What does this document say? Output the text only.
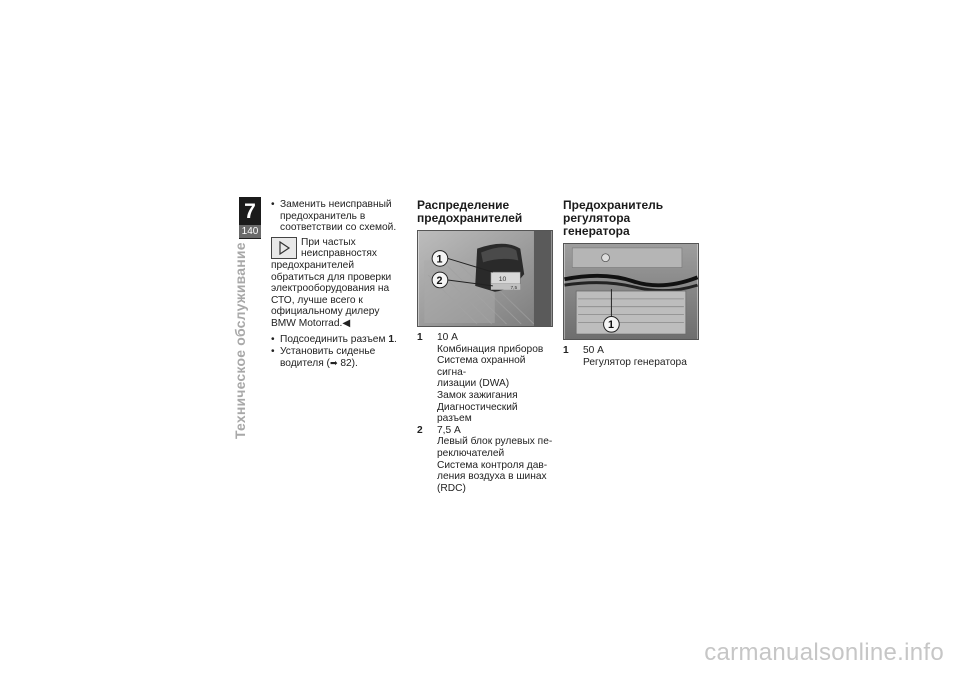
7
140
Техническое обслуживание
• Заменить неисправный предохранитель в соответствии со схемой.
При частых неисправностях предохранителей обратиться для проверки электрооборудования на СТО, лучше всего к официальному дилеру BMW Motorrad.◀
• Подсоединить разъем 1.
• Установить сиденье водителя (➡ 82).
Распределение предохранителей
10
7,5
1
2
1	10 А
Комбинация приборов
Система охранной сигна-
лизации (DWA)
Замок зажигания
Диагностический разъем
2	7,5 А
Левый блок рулевых пе-
реключателей
Система контроля дав-
ления воздуха в шинах
(RDC)
Предохранитель регулятора генератора
1
1	50 А
Регулятор генератора
carmanualsonline.info
